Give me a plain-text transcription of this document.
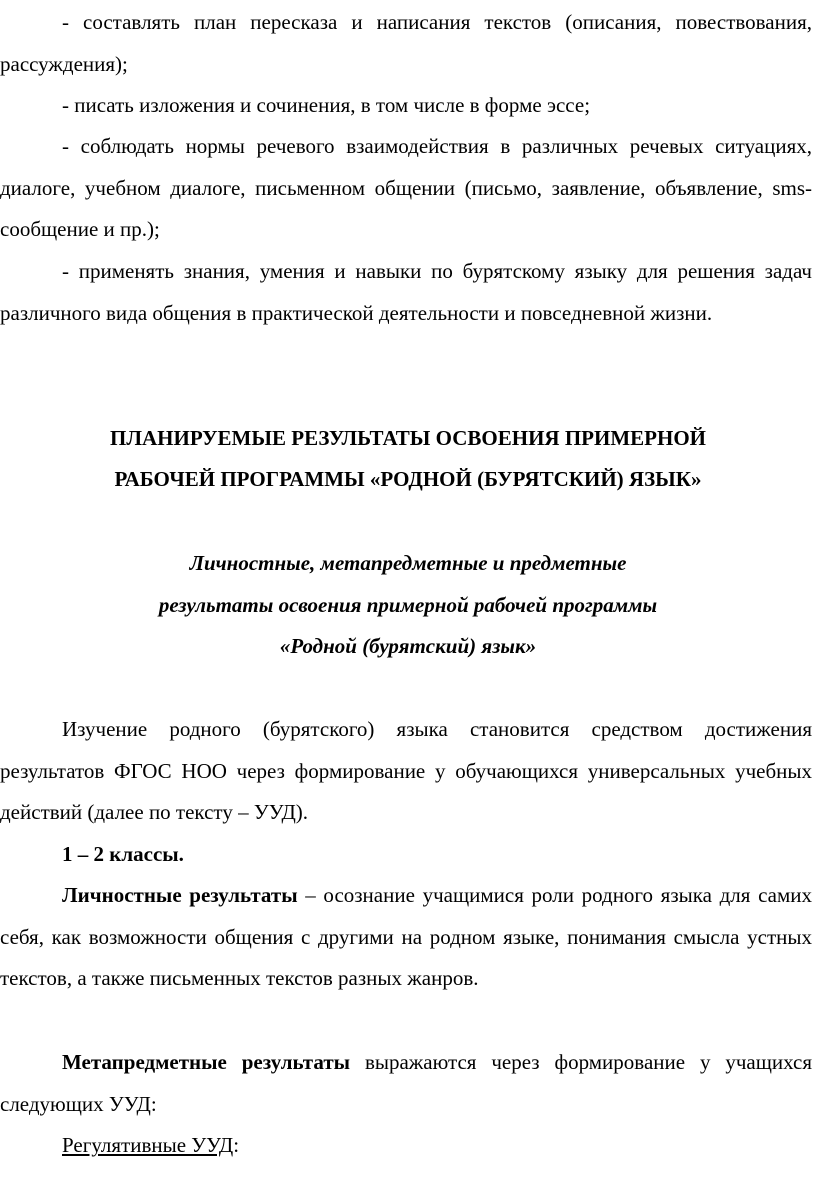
- составлять план пересказа и написания текстов (описания, повествования, рассуждения);

- писать изложения и сочинения, в том числе в форме эссе;

- соблюдать нормы речевого взаимодействия в различных речевых ситуациях, диалоге, учебном диалоге, письменном общении (письмо, заявление, объявление, sms-сообщение и пр.);

- применять знания, умения и навыки по бурятскому языку для решения задач различного вида общения в практической деятельности и повседневной жизни.

ПЛАНИРУЕМЫЕ РЕЗУЛЬТАТЫ ОСВОЕНИЯ ПРИМЕРНОЙ

РАБОЧЕЙ ПРОГРАММЫ «РОДНОЙ (БУРЯТСКИЙ) ЯЗЫК»

Личностные, метапредметные и предметные

результаты освоения примерной рабочей программы

«Родной (бурятский) язык»

Изучение родного (бурятского) языка становится средством достижения результатов ФГОС НОО через формирование у обучающихся универсальных учебных действий (далее по тексту – УУД).

1 – 2 классы.

Личностные результаты – осознание учащимися роли родного языка для самих себя, как возможности общения с другими на родном языке, понимания смысла устных текстов, а также письменных текстов разных жанров.

Метапредметные результаты выражаются через формирование у учащихся следующих УУД:

Регулятивные УУД:
